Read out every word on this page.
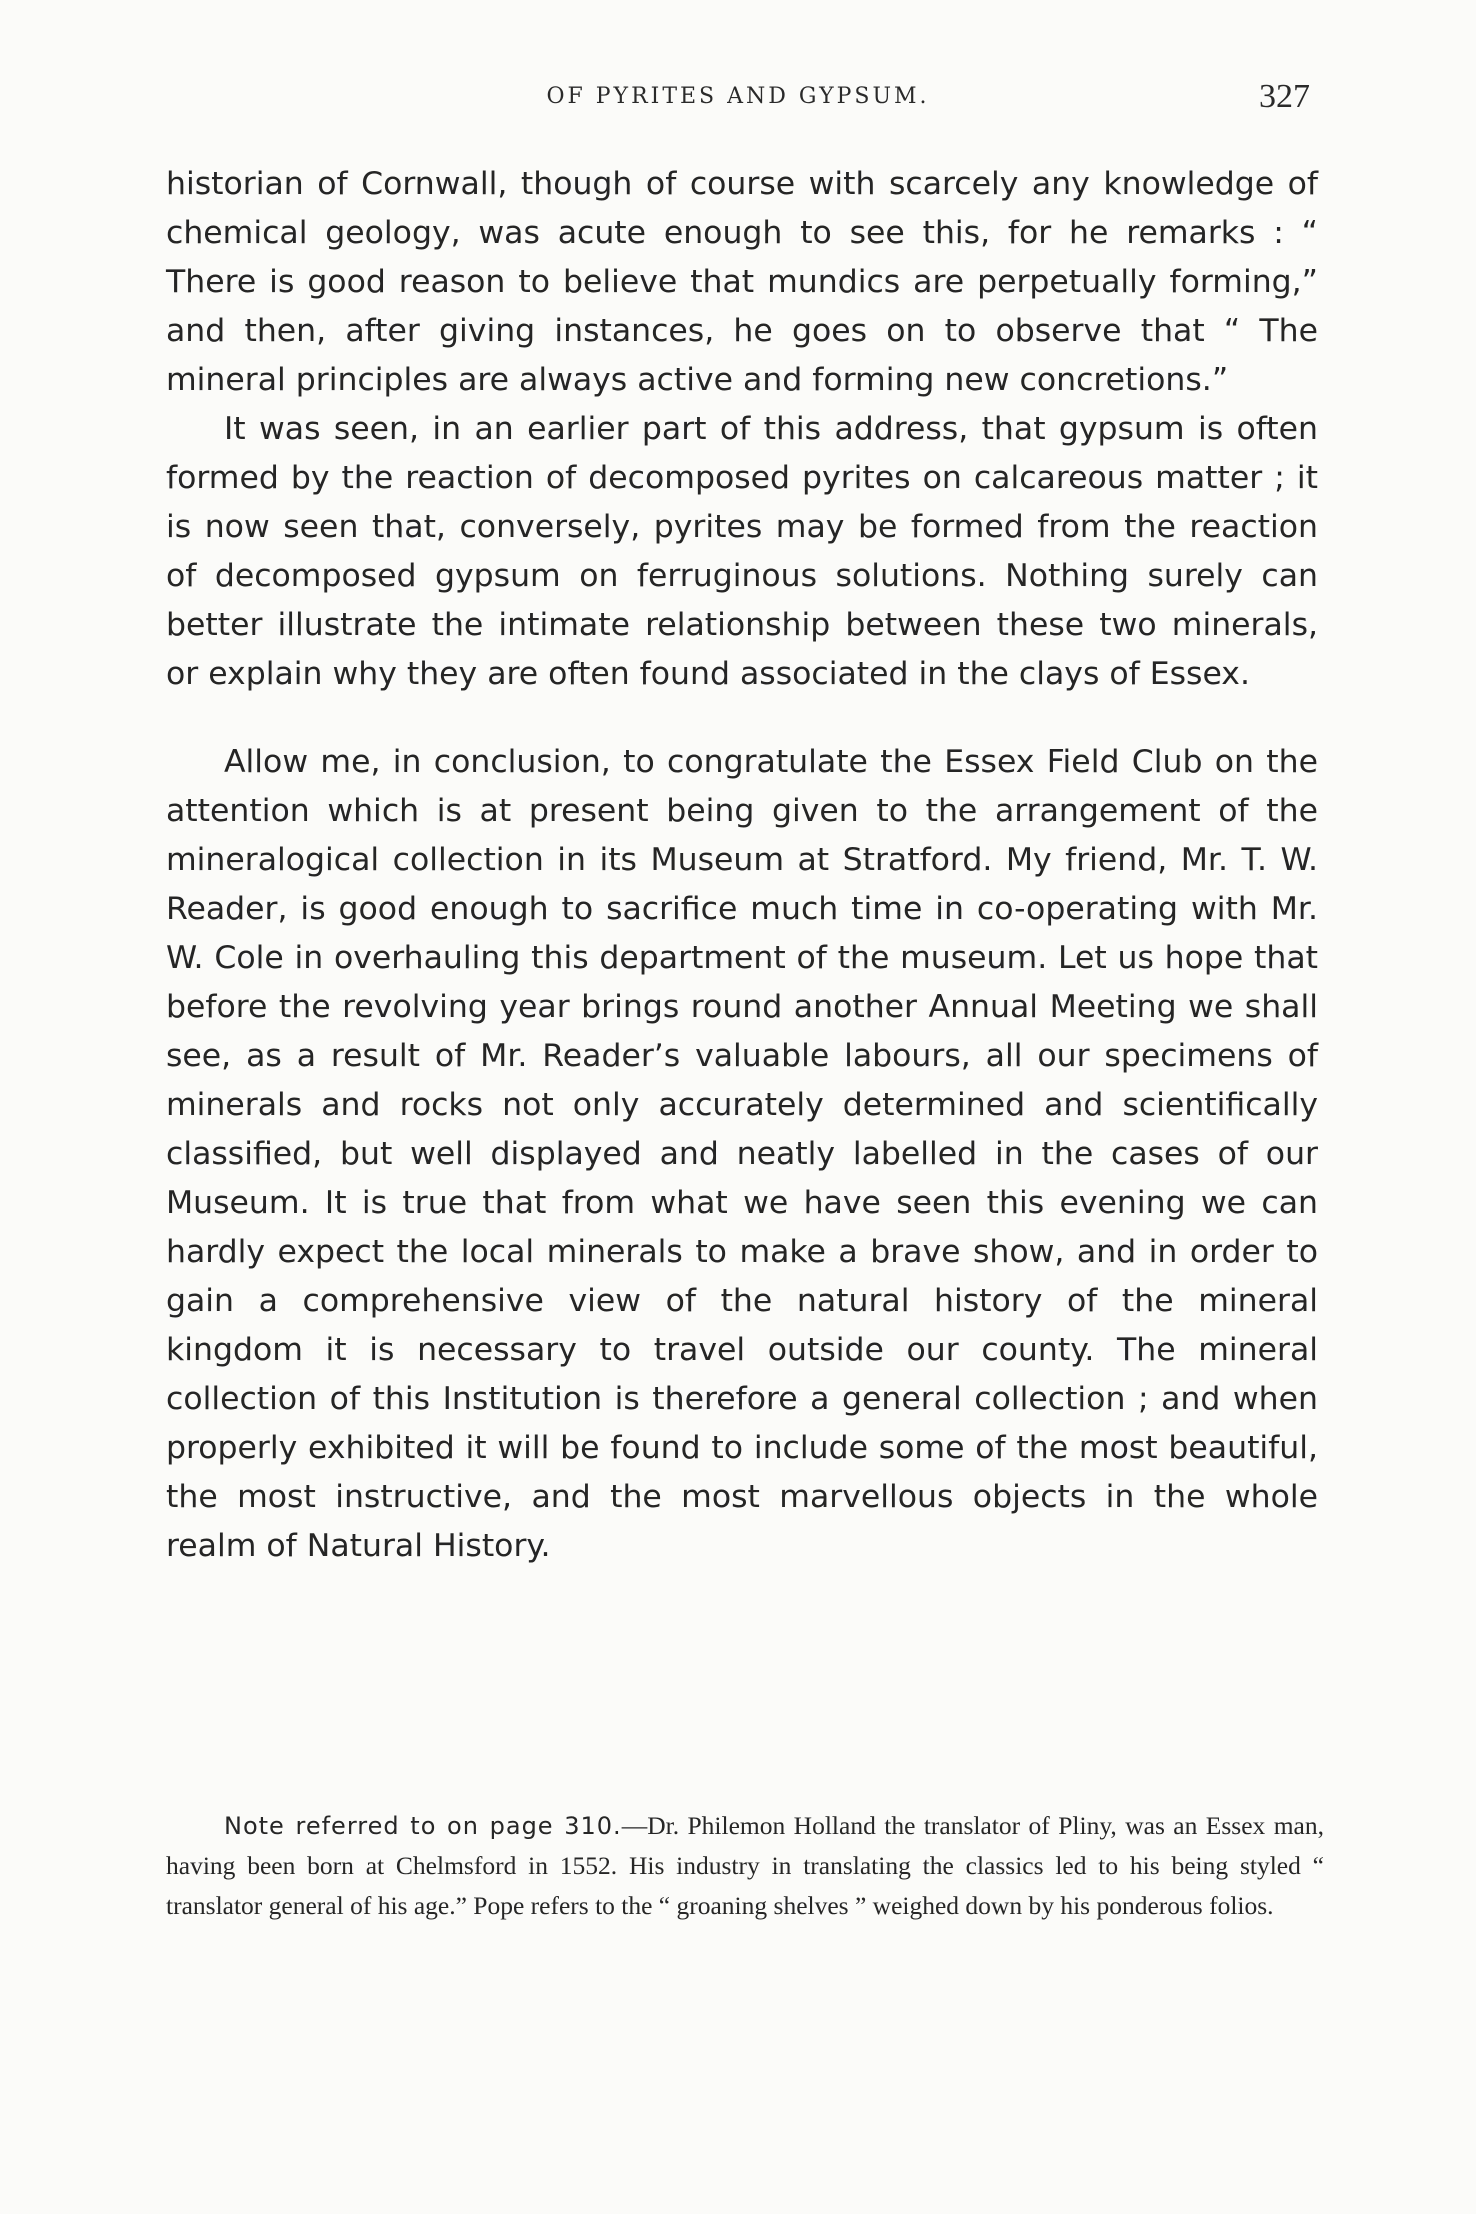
OF PYRITES AND GYPSUM.	327

historian of Cornwall, though of course with scarcely any knowledge of chemical geology, was acute enough to see this, for he remarks : “ There is good reason to believe that mundics are perpetually forming,” and then, after giving instances, he goes on to observe that “ The mineral principles are always active and forming new concretions.”

It was seen, in an earlier part of this address, that gypsum is often formed by the reaction of decomposed pyrites on calcareous matter ; it is now seen that, conversely, pyrites may be formed from the reaction of decomposed gypsum on ferruginous solutions. Nothing surely can better illustrate the intimate relationship between these two minerals, or explain why they are often found associated in the clays of Essex.

Allow me, in conclusion, to congratulate the Essex Field Club on the attention which is at present being given to the arrangement of the mineralogical collection in its Museum at Stratford. My friend, Mr. T. W. Reader, is good enough to sacrifice much time in co-operating with Mr. W. Cole in overhauling this department of the museum. Let us hope that before the revolving year brings round another Annual Meeting we shall see, as a result of Mr. Reader’s valuable labours, all our specimens of minerals and rocks not only accurately determined and scientifically classified, but well displayed and neatly labelled in the cases of our Museum. It is true that from what we have seen this evening we can hardly expect the local minerals to make a brave show, and in order to gain a comprehensive view of the natural history of the mineral kingdom it is necessary to travel outside our county. The mineral collection of this Institution is therefore a general collection ; and when properly exhibited it will be found to include some of the most beautiful, the most instructive, and the most marvellous objects in the whole realm of Natural History.

Note referred to on page 310.—Dr. Philemon Holland the translator of Pliny, was an Essex man, having been born at Chelmsford in 1552. His industry in translating the classics led to his being styled “ translator general of his age.” Pope refers to the “ groaning shelves ” weighed down by his ponderous folios.
